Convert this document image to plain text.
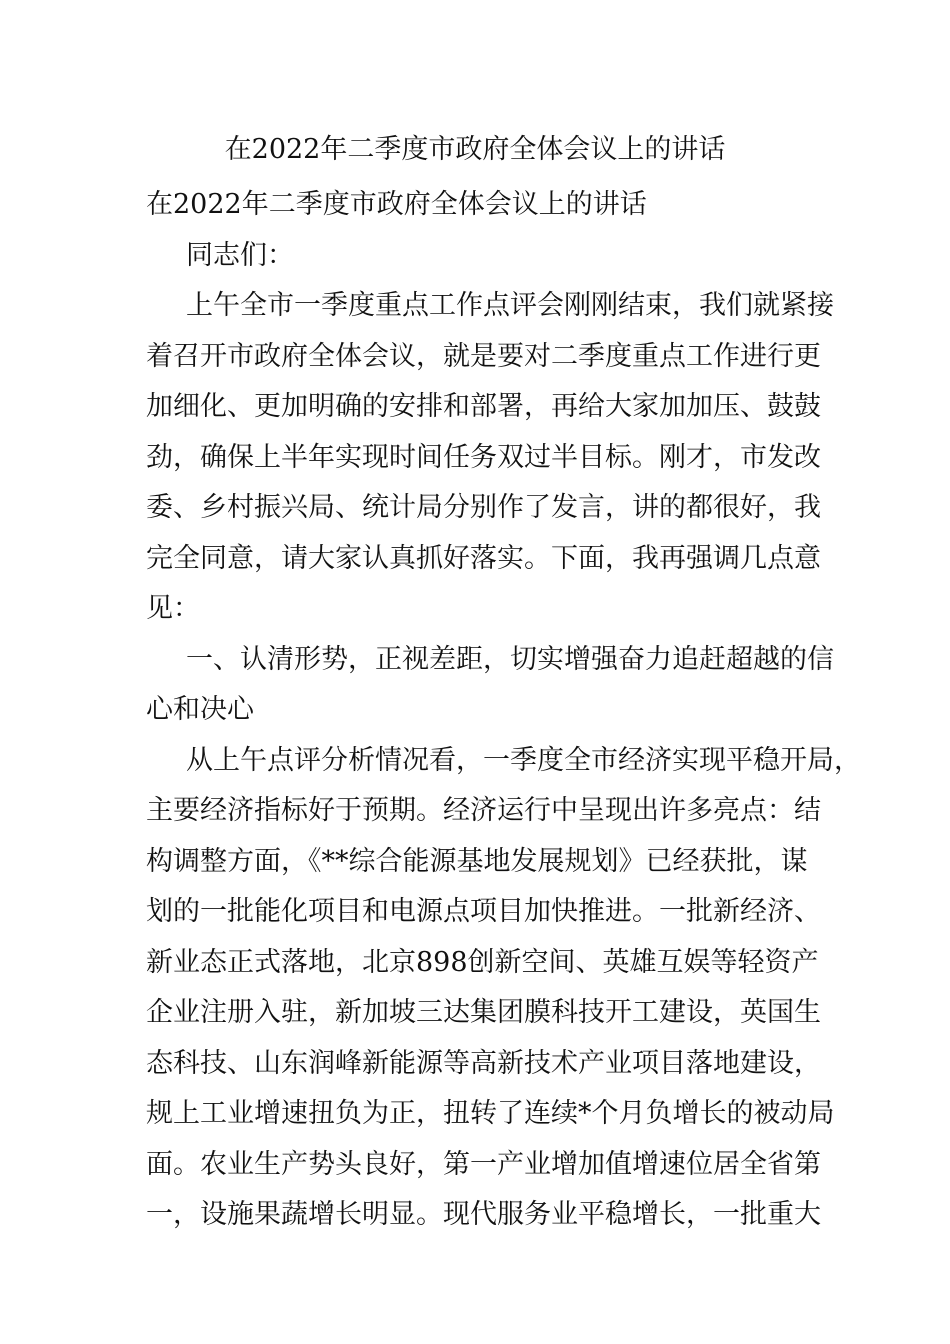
在2022年二季度市政府全体会议上的讲话

在2022年二季度市政府全体会议上的讲话

同志们：

上午全市一季度重点工作点评会刚刚结束，我们就紧接
着召开市政府全体会议，就是要对二季度重点工作进行更
加细化、更加明确的安排和部署，再给大家加加压、鼓鼓
劲，确保上半年实现时间任务双过半目标。刚才，市发改
委、乡村振兴局、统计局分别作了发言，讲的都很好，我
完全同意，请大家认真抓好落实。下面，我再强调几点意
见：

一、认清形势，正视差距，切实增强奋力追赶超越的信
心和决心

从上午点评分析情况看，一季度全市经济实现平稳开局，
主要经济指标好于预期。经济运行中呈现出许多亮点：结
构调整方面，《**综合能源基地发展规划》已经获批，谋
划的一批能化项目和电源点项目加快推进。一批新经济、
新业态正式落地，北京898创新空间、英雄互娱等轻资产
企业注册入驻，新加坡三达集团膜科技开工建设，英国生
态科技、山东润峰新能源等高新技术产业项目落地建设，
规上工业增速扭负为正，扭转了连续*个月负增长的被动局
面。农业生产势头良好，第一产业增加值增速位居全省第
一，设施果蔬增长明显。现代服务业平稳增长，一批重大
